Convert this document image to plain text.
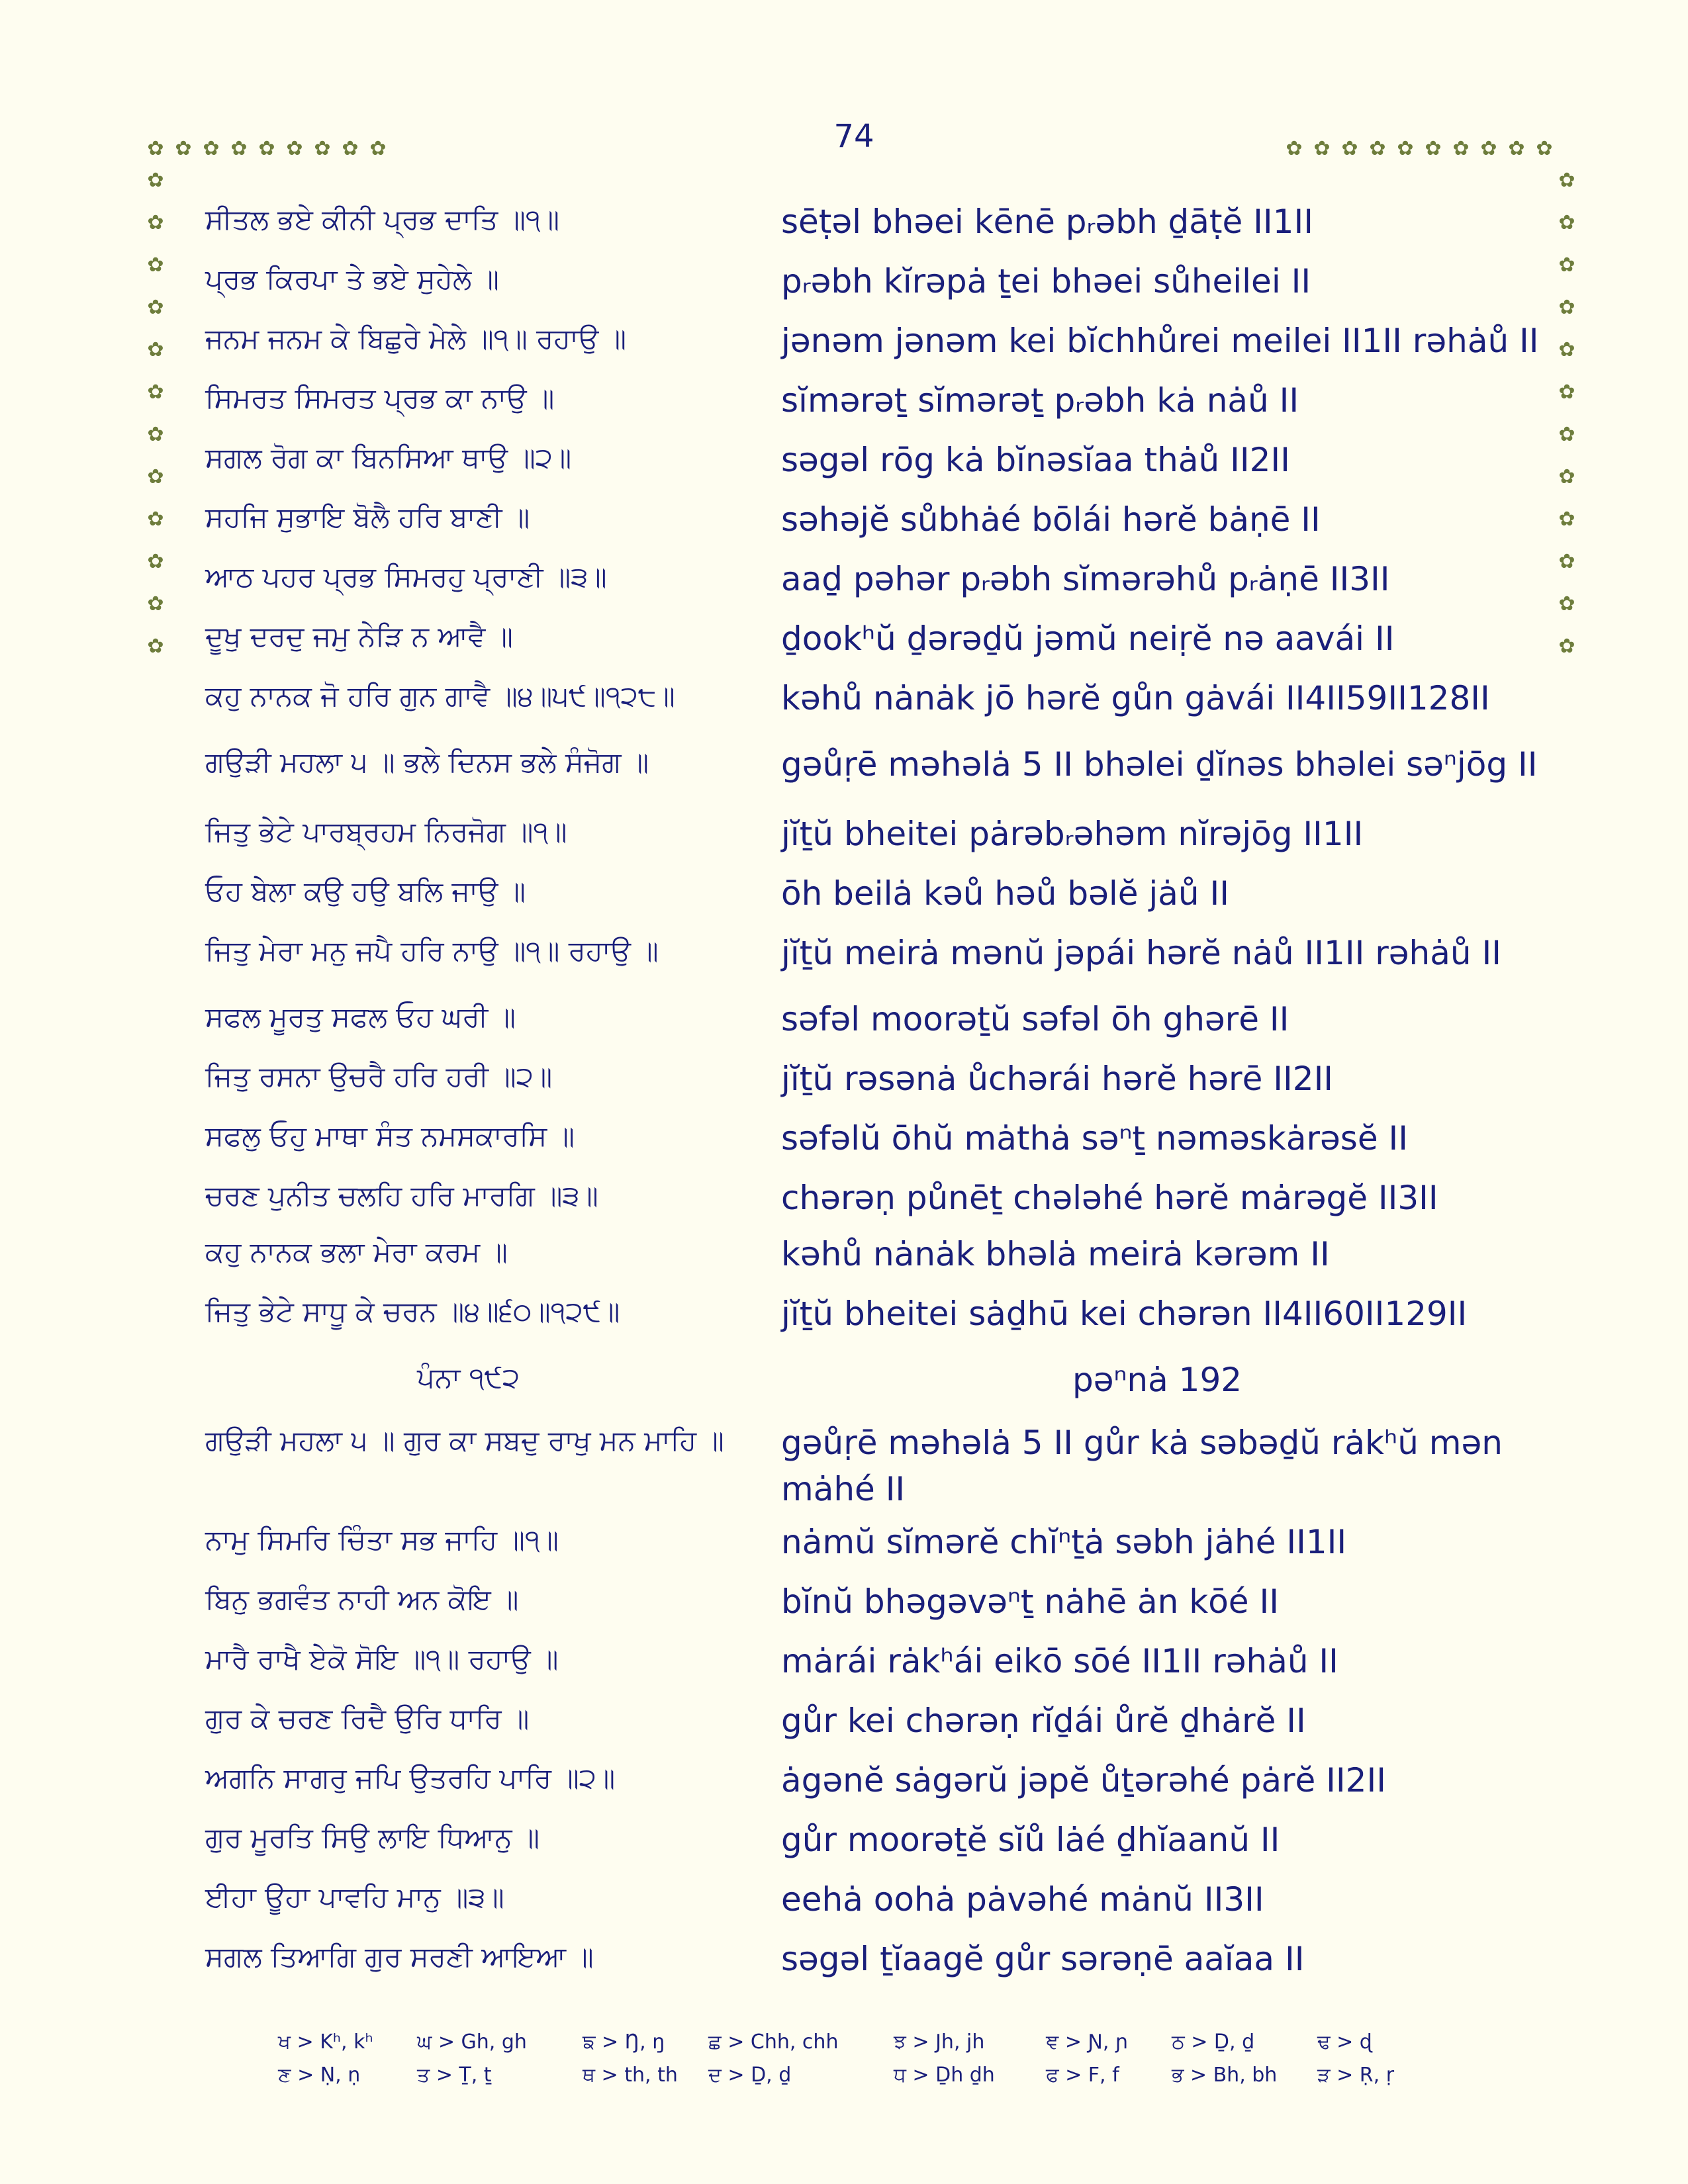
74
✿ ✿ ✿ ✿ ✿ ✿ ✿ ✿ ✿	✿ ✿ ✿ ✿ ✿ ✿ ✿ ✿ ✿ ✿
✿
✿
✿
✿
✿
✿
✿
✿
✿
✿
✿
✿
✿
✿
✿
✿
✿
✿
✿
✿
✿
✿
✿
✿
ਸੀਤਲ ਭਏ ਕੀਨੀ ਪ੍ਰਭ ਦਾਤਿ ॥੧॥	sēṭəl bhəei kēnē pᵣəbh ḏāṭĕ II1II
ਪ੍ਰਭ ਕਿਰਪਾ ਤੇ ਭਏ ਸੁਹੇਲੇ ॥	pᵣəbh kĭrəpȧ ṯei bhəei sůheilei II
ਜਨਮ ਜਨਮ ਕੇ ਬਿਛੁਰੇ ਮੇਲੇ ॥੧॥ ਰਹਾਉ ॥	jənəm jənəm kei bĭchhůrei meilei II1II rəhȧů II
ਸਿਮਰਤ ਸਿਮਰਤ ਪ੍ਰਭ ਕਾ ਨਾਉ ॥	sĭmərəṯ sĭmərəṯ pᵣəbh kȧ nȧů II
ਸਗਲ ਰੋਗ ਕਾ ਬਿਨਸਿਆ ਥਾਉ ॥੨॥	səgəl rōg kȧ bĭnəsĭaa thȧů II2II
ਸਹਜਿ ਸੁਭਾਇ ਬੋਲੈ ਹਰਿ ਬਾਣੀ ॥	səhəjĕ sůbhȧé bōlái hərĕ bȧṇē II
ਆਠ ਪਹਰ ਪ੍ਰਭ ਸਿਮਰਹੁ ਪ੍ਰਾਣੀ ॥੩॥	aaḏ pəhər pᵣəbh sĭmərəhů pᵣȧṇē II3II
ਦੂਖੁ ਦਰਦੁ ਜਮੁ ਨੇੜਿ ਨ ਆਵੈ ॥	ḏookʰŭ ḏərəḏŭ jəmŭ neiṛĕ nə aavái II
ਕਹੁ ਨਾਨਕ ਜੋ ਹਰਿ ਗੁਨ ਗਾਵੈ ॥੪॥੫੯॥੧੨੮॥	kəhů nȧnȧk jō hərĕ gůn gȧvái II4II59II128II
ਗਉੜੀ ਮਹਲਾ ੫ ॥ ਭਲੇ ਦਿਨਸ ਭਲੇ ਸੰਜੋਗ ॥	gəůṛē məhəlȧ 5 II bhəlei ḏĭnəs bhəlei səⁿjōg II
ਜਿਤੁ ਭੇਟੇ ਪਾਰਬ੍ਰਹਮ ਨਿਰਜੋਗ ॥੧॥	jĭṯŭ bheitei pȧrəbᵣəhəm nĭrəjōg II1II
ਓਹ ਬੇਲਾ ਕਉ ਹਉ ਬਲਿ ਜਾਉ ॥	ōh beilȧ kəů həů bəlĕ jȧů II
ਜਿਤੁ ਮੇਰਾ ਮਨੁ ਜਪੈ ਹਰਿ ਨਾਉ ॥੧॥ ਰਹਾਉ ॥	jĭṯŭ meirȧ mənŭ jəpái hərĕ nȧů II1II rəhȧů II
ਸਫਲ ਮੂਰਤੁ ਸਫਲ ਓਹ ਘਰੀ ॥	səfəl moorəṯŭ səfəl ōh ghərē II
ਜਿਤੁ ਰਸਨਾ ਉਚਰੈ ਹਰਿ ਹਰੀ ॥੨॥	jĭṯŭ rəsənȧ ůchərái hərĕ hərē II2II
ਸਫਲੁ ਓਹੁ ਮਾਥਾ ਸੰਤ ਨਮਸਕਾਰਸਿ ॥	səfəlŭ ōhŭ mȧthȧ səⁿṯ nəməskȧrəsĕ II
ਚਰਣ ਪੁਨੀਤ ਚਲਹਿ ਹਰਿ ਮਾਰਗਿ ॥੩॥	chərəṇ půnēṯ chələhé hərĕ mȧrəgĕ II3II
ਕਹੁ ਨਾਨਕ ਭਲਾ ਮੇਰਾ ਕਰਮ ॥	kəhů nȧnȧk bhəlȧ meirȧ kərəm II
ਜਿਤੁ ਭੇਟੇ ਸਾਧੂ ਕੇ ਚਰਨ ॥੪॥੬੦॥੧੨੯॥	jĭṯŭ bheitei sȧḏhū kei chərən II4II60II129II
ਪੰਨਾ ੧੯੨	pəⁿnȧ 192
ਗਉੜੀ ਮਹਲਾ ੫ ॥ ਗੁਰ ਕਾ ਸਬਦੁ ਰਾਖੁ ਮਨ ਮਾਹਿ ॥	gəůṛē məhəlȧ 5 II gůr kȧ səbəḏŭ rȧkʰŭ mən mȧhé II
ਨਾਮੁ ਸਿਮਰਿ ਚਿੰਤਾ ਸਭ ਜਾਹਿ ॥੧॥	nȧmŭ sĭmərĕ chĭⁿṯȧ səbh jȧhé II1II
ਬਿਨੁ ਭਗਵੰਤ ਨਾਹੀ ਅਨ ਕੋਇ ॥	bĭnŭ bhəgəvəⁿṯ nȧhē ȧn kōé II
ਮਾਰੈ ਰਾਖੈ ਏਕੋ ਸੋਇ ॥੧॥ ਰਹਾਉ ॥	mȧrái rȧkʰái eikō sōé II1II rəhȧů II
ਗੁਰ ਕੇ ਚਰਣ ਰਿਦੈ ਉਰਿ ਧਾਰਿ ॥	gůr kei chərəṇ rĭḏái ůrĕ ḏhȧrĕ II
ਅਗਨਿ ਸਾਗਰੁ ਜਪਿ ਉਤਰਹਿ ਪਾਰਿ ॥੨॥	ȧgənĕ sȧgərŭ jəpĕ ůṯərəhé pȧrĕ II2II
ਗੁਰ ਮੂਰਤਿ ਸਿਉ ਲਾਇ ਧਿਆਨੁ ॥	gůr moorəṯĕ sĭů lȧé ḏhĭaanŭ II
ਈਹਾ ਊਹਾ ਪਾਵਹਿ ਮਾਨੁ ॥੩॥	eehȧ oohȧ pȧvəhé mȧnŭ II3II
ਸਗਲ ਤਿਆਗਿ ਗੁਰ ਸਰਣੀ ਆਇਆ ॥	səgəl ṯĭaagĕ gůr sərəṇē aaĭaa II
ਖ > Kʰ, kʰ ਘ > Gh, gh	ਙ > Ŋ, ŋ ਛ > Chh, chh	ਝ > Jh, jh	ਞ > Ɲ, ɲ ਠ > Ḏ, ḏ	ਢ > ɖ
ਣ > Ṇ, ṇ	ਤ > Ṯ, ṯ	ਥ > th, th ਦ > Ḏ, ḏ	ਧ > Ḏh ḏh	ਫ > F, f	ਭ > Bh, bh ੜ > Ṛ, ṛ
